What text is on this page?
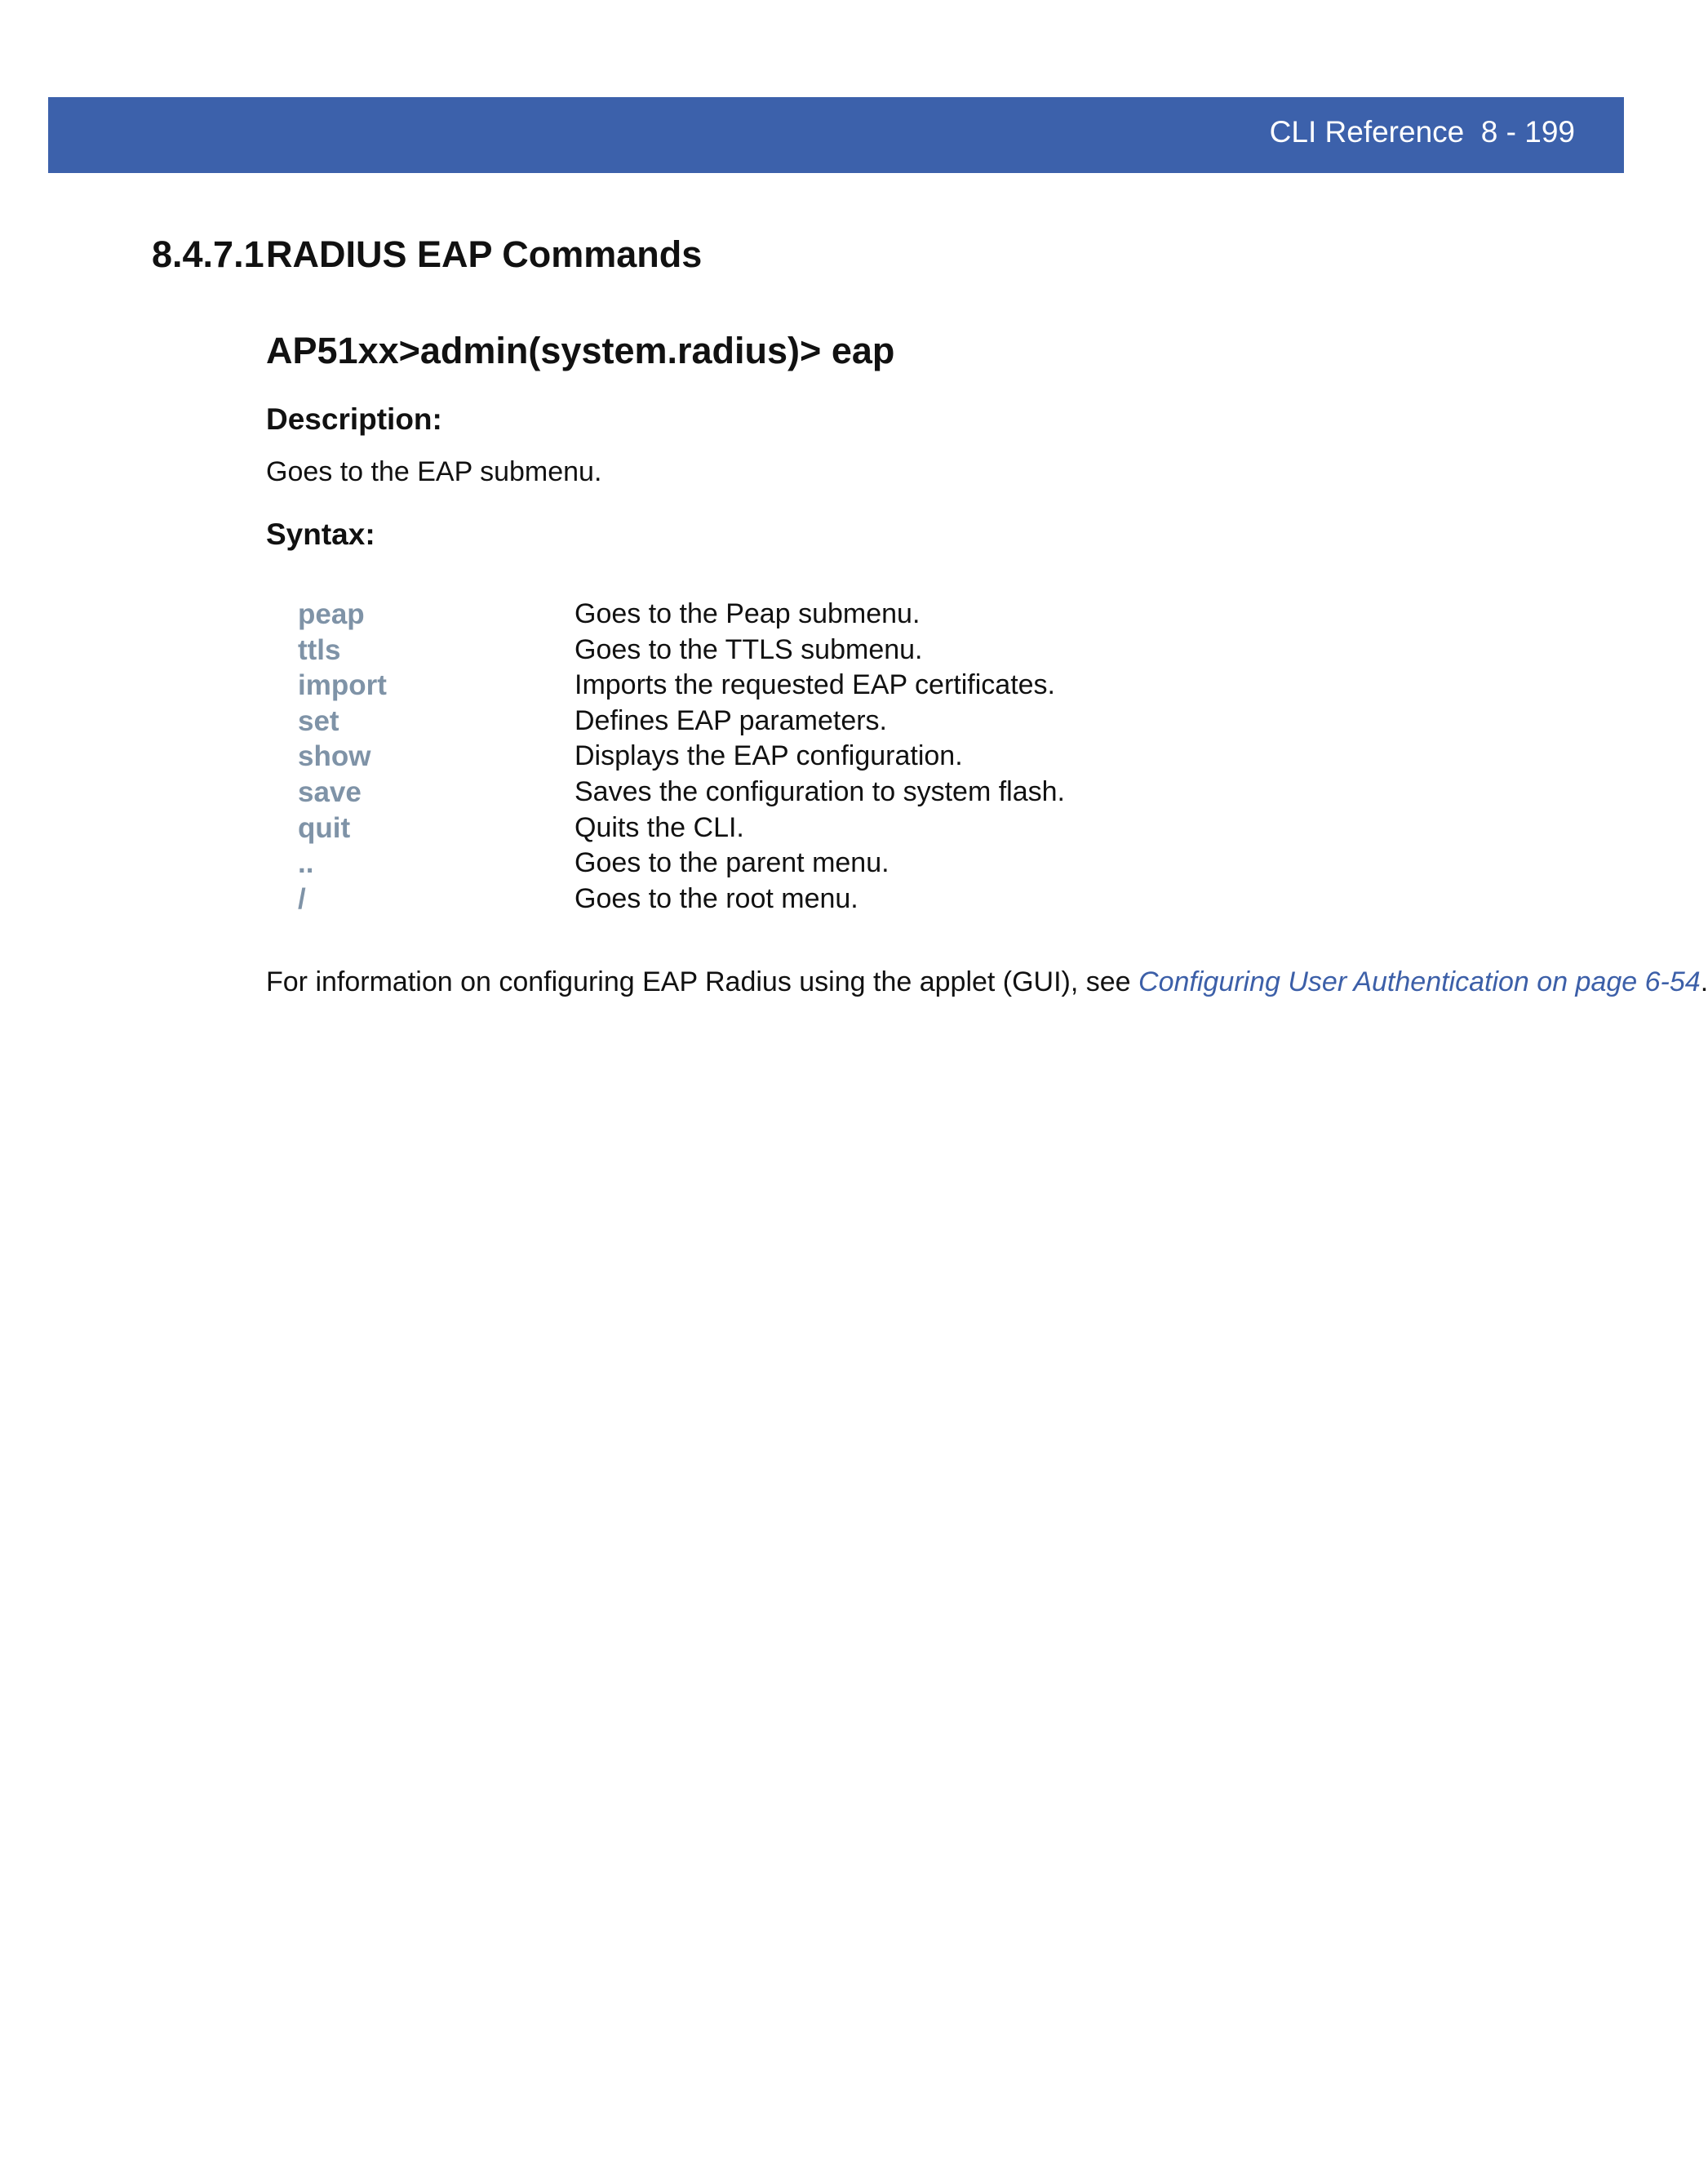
CLI Reference  8 - 199
8.4.7.1RADIUS EAP Commands
AP51xx>admin(system.radius)> eap
Description:
Goes to the EAP submenu.
Syntax:
peap	Goes to the Peap submenu.
ttls	Goes to the TTLS submenu.
import	Imports the requested EAP certificates.
set	Defines EAP parameters.
show	Displays the EAP configuration.
save	Saves the configuration to system flash.
quit	Quits the CLI.
..	Goes to the parent menu.
/	Goes to the root menu.
For information on configuring EAP Radius using the applet (GUI), see Configuring User Authentication on page 6-54.
